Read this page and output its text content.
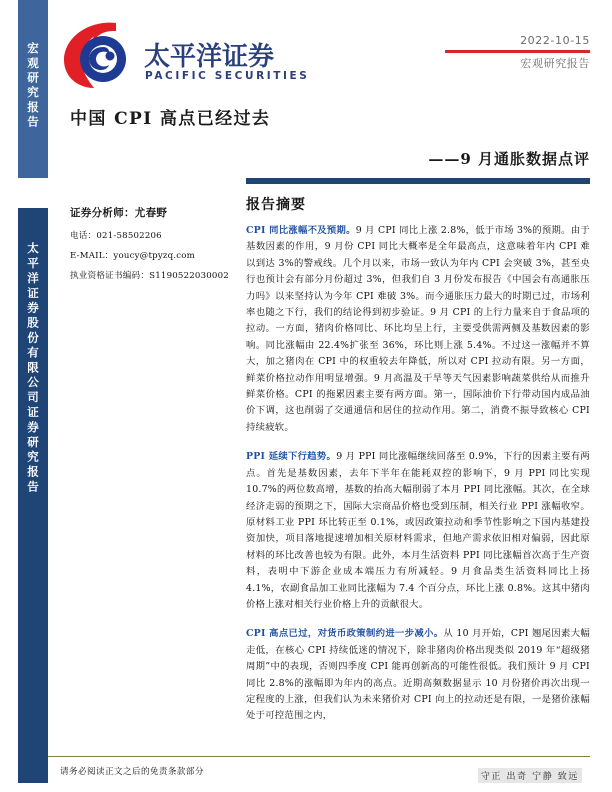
宏观研究报告
太平洋证券股份有限公司证券研究报告
太平洋证券
PACIFIC SECURITIES
2022-10-15
宏观研究报告
中国 CPI 高点已经过去
——9 月通胀数据点评
证券分析师：尤春野
电话：021-58502206
E-MAIL：youcy@tpyzq.com
执业资格证书编码：S1190522030002
报告摘要

CPI 同比涨幅不及预期。9 月 CPI 同比上涨 2.8%，低于市场 3%的预期。由于基数因素的作用，9 月份 CPI 同比大概率是全年最高点，这意味着年内 CPI 难以到达 3%的警戒线。几个月以来，市场一致认为年内 CPI 会突破 3%，甚至央行也预计会有部分月份超过 3%，但我们自 3 月份发布报告《中国会有高通胀压力吗》以来坚持认为今年 CPI 难破 3%。而今通胀压力最大的时期已过，市场利率也随之下行，我们的结论得到初步验证。9 月 CPI 的上行力量来自于食品项的拉动。一方面，猪肉价格同比、环比均呈上行，主要受供需两侧及基数因素的影响。同比涨幅由 22.4%扩张至 36%，环比则上涨 5.4%。不过这一涨幅并不算大，加之猪肉在 CPI 中的权重较去年降低，所以对 CPI 拉动有限。另一方面，鲜菜价格拉动作用明显增强。9 月高温及干旱等天气因素影响蔬菜供给从而推升鲜菜价格。CPI 的拖累因素主要有两方面。第一，国际油价下行带动国内成品油价下调，这也削弱了交通通信和居住的拉动作用。第二，消费不振导致核心 CPI 持续疲软。

PPI 延续下行趋势。9 月 PPI 同比涨幅继续回落至 0.9%，下行的因素主要有两点。首先是基数因素，去年下半年在能耗双控的影响下，9 月 PPI 同比实现 10.7%的两位数高增，基数的抬高大幅削弱了本月 PPI 同比涨幅。其次，在全球经济走弱的预期之下，国际大宗商品价格也受到压制，相关行业 PPI 涨幅收窄。原材料工业 PPI 环比转正至 0.1%，或因政策拉动和季节性影响之下国内基建投资加快，项目落地提速增加相关原材料需求，但地产需求依旧相对偏弱，因此原材料的环比改善也较为有限。此外，本月生活资料 PPI 同比涨幅首次高于生产资料，表明中下游企业成本端压力有所减轻。9 月食品类生活资料同比上扬 4.1%，农副食品加工业同比涨幅为 7.4 个百分点，环比上涨 0.8%。这其中猪肉价格上涨对相关行业价格上升的贡献很大。

CPI 高点已过，对货币政策制约进一步减小。从 10 月开始，CPI 翘尾因素大幅走低，在核心 CPI 持续低迷的情况下，除非猪肉价格出现类似 2019 年“超级猪周期”中的表现，否则四季度 CPI 能再创新高的可能性很低。我们预计 9 月 CPI 同比 2.8%的涨幅即为年内的高点。近期高频数据显示 10 月份猪价再次出现一定程度的上涨，但我们认为未来猪价对 CPI 向上的拉动还是有限，一是猪价涨幅处于可控范围之内，

请务必阅读正文之后的免责条款部分	守正 出奇 宁静 致远
